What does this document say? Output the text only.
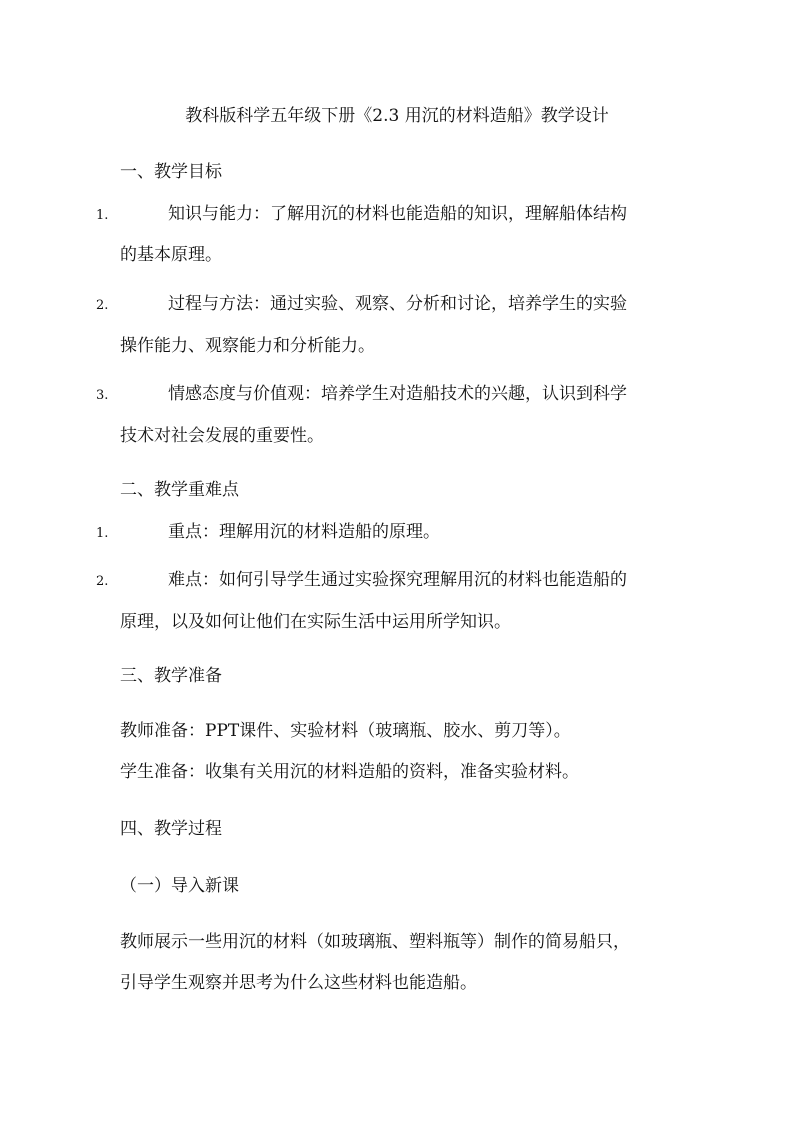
教科版科学五年级下册《2.3 用沉的材料造船》教学设计
一、教学目标
1.	知识与能力：了解用沉的材料也能造船的知识，理解船体结构
的基本原理。
2.	过程与方法：通过实验、观察、分析和讨论，培养学生的实验
操作能力、观察能力和分析能力。
3.	情感态度与价值观：培养学生对造船技术的兴趣，认识到科学
技术对社会发展的重要性。
二、教学重难点
1.	重点：理解用沉的材料造船的原理。
2.	难点：如何引导学生通过实验探究理解用沉的材料也能造船的
原理，以及如何让他们在实际生活中运用所学知识。
三、教学准备
教师准备：PPT课件、实验材料（玻璃瓶、胶水、剪刀等）。
学生准备：收集有关用沉的材料造船的资料，准备实验材料。
四、教学过程
（一）导入新课
教师展示一些用沉的材料（如玻璃瓶、塑料瓶等）制作的简易船只，
引导学生观察并思考为什么这些材料也能造船。
